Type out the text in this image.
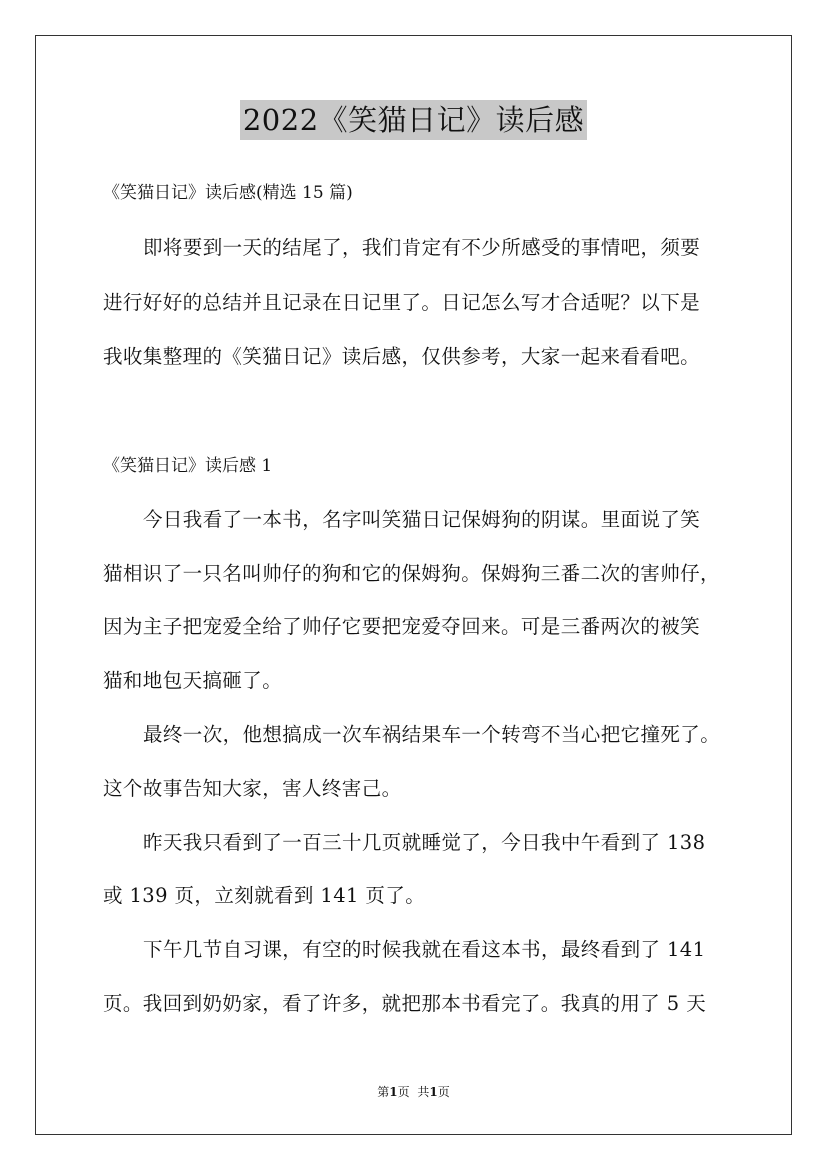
2022《笑猫日记》读后感
《笑猫日记》读后感(精选 15 篇)
即将要到一天的结尾了，我们肯定有不少所感受的事情吧，须要
进行好好的总结并且记录在日记里了。日记怎么写才合适呢？以下是
我收集整理的《笑猫日记》读后感，仅供参考，大家一起来看看吧。
《笑猫日记》读后感 1
今日我看了一本书，名字叫笑猫日记保姆狗的阴谋。里面说了笑
猫相识了一只名叫帅仔的狗和它的保姆狗。保姆狗三番二次的害帅仔，
因为主子把宠爱全给了帅仔它要把宠爱夺回来。可是三番两次的被笑
猫和地包天搞砸了。
最终一次，他想搞成一次车祸结果车一个转弯不当心把它撞死了。
这个故事告知大家，害人终害己。
昨天我只看到了一百三十几页就睡觉了，今日我中午看到了 138
或 139 页，立刻就看到 141 页了。
下午几节自习课，有空的时候我就在看这本书，最终看到了 141
页。我回到奶奶家，看了许多，就把那本书看完了。我真的用了 5 天
第1页 共1页
